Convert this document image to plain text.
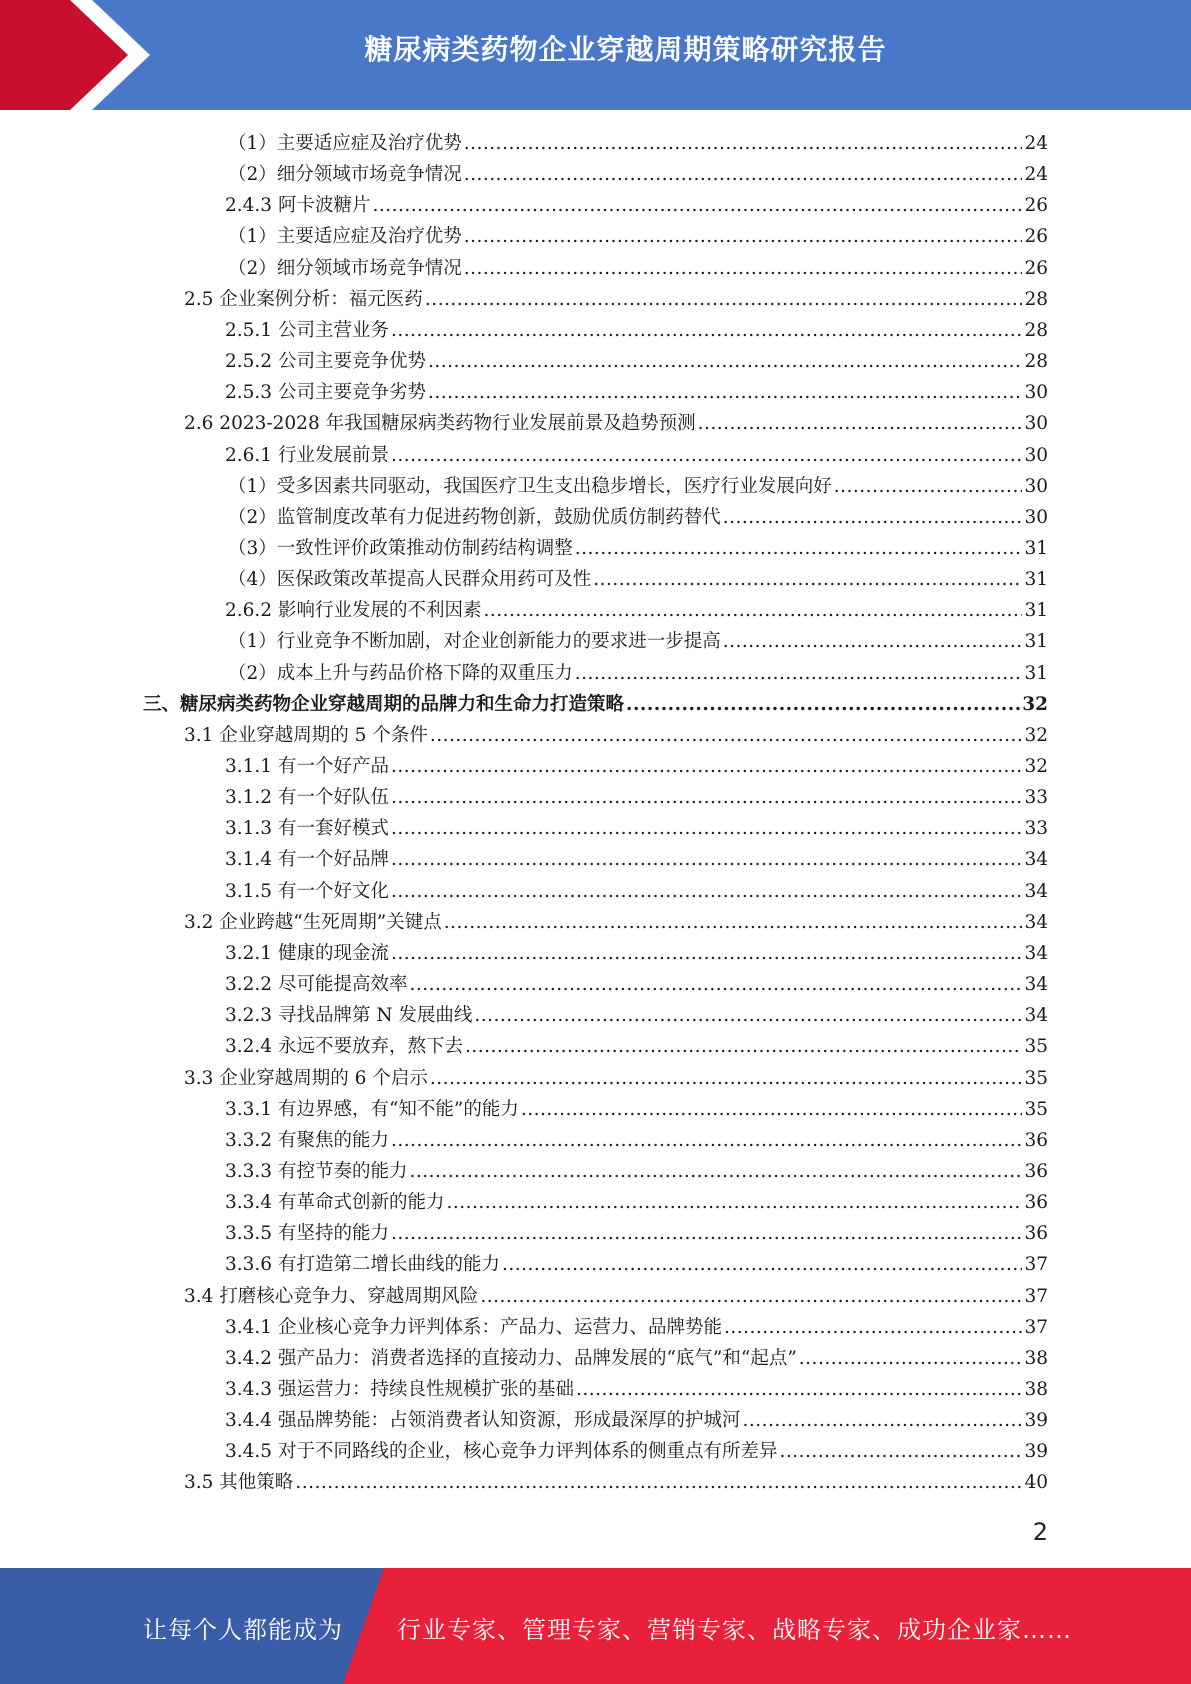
糖尿病类药物企业穿越周期策略研究报告
（1）主要适应症及治疗优势 .....	24
（2）细分领域市场竞争情况 .....	24
2.4.3 阿卡波糖片 .....	26
（1）主要适应症及治疗优势 .....	26
（2）细分领域市场竞争情况 .....	26
2.5 企业案例分析：福元医药 .....	28
2.5.1 公司主营业务 .....	28
2.5.2 公司主要竞争优势 .....	28
2.5.3 公司主要竞争劣势 .....	30
2.6 2023-2028 年我国糖尿病类药物行业发展前景及趋势预测 .....	30
2.6.1 行业发展前景 .....	30
（1）受多因素共同驱动，我国医疗卫生支出稳步增长，医疗行业发展向好 .....	30
（2）监管制度改革有力促进药物创新，鼓励优质仿制药替代 .....	30
（3）一致性评价政策推动仿制药结构调整 .....	31
（4）医保政策改革提高人民群众用药可及性 .....	31
2.6.2 影响行业发展的不利因素 .....	31
（1）行业竞争不断加剧，对企业创新能力的要求进一步提高 .....	31
（2）成本上升与药品价格下降的双重压力 .....	31
三、糖尿病类药物企业穿越周期的品牌力和生命力打造策略 .....	32
3.1 企业穿越周期的 5 个条件 .....	32
3.1.1 有一个好产品 .....	32
3.1.2 有一个好队伍 .....	33
3.1.3 有一套好模式 .....	33
3.1.4 有一个好品牌 .....	34
3.1.5 有一个好文化 .....	34
3.2 企业跨越“生死周期”关键点 .....	34
3.2.1 健康的现金流 .....	34
3.2.2 尽可能提高效率 .....	34
3.2.3 寻找品牌第 N 发展曲线 .....	34
3.2.4 永远不要放弃，熬下去 .....	35
3.3 企业穿越周期的 6 个启示 .....	35
3.3.1 有边界感，有“知不能”的能力 .....	35
3.3.2 有聚焦的能力 .....	36
3.3.3 有控节奏的能力 .....	36
3.3.4 有革命式创新的能力 .....	36
3.3.5 有坚持的能力 .....	36
3.3.6 有打造第二增长曲线的能力 .....	37
3.4 打磨核心竞争力、穿越周期风险 .....	37
3.4.1 企业核心竞争力评判体系：产品力、运营力、品牌势能 .....	37
3.4.2 强产品力：消费者选择的直接动力、品牌发展的“底气”和“起点” .....	38
3.4.3 强运营力：持续良性规模扩张的基础 .....	38
3.4.4 强品牌势能：占领消费者认知资源，形成最深厚的护城河 .....	39
3.4.5 对于不同路线的企业，核心竞争力评判体系的侧重点有所差异 .....	39
3.5 其他策略 .....	40
2
让每个人都能成为 行业专家、管理专家、营销专家、战略专家、成功企业家……
